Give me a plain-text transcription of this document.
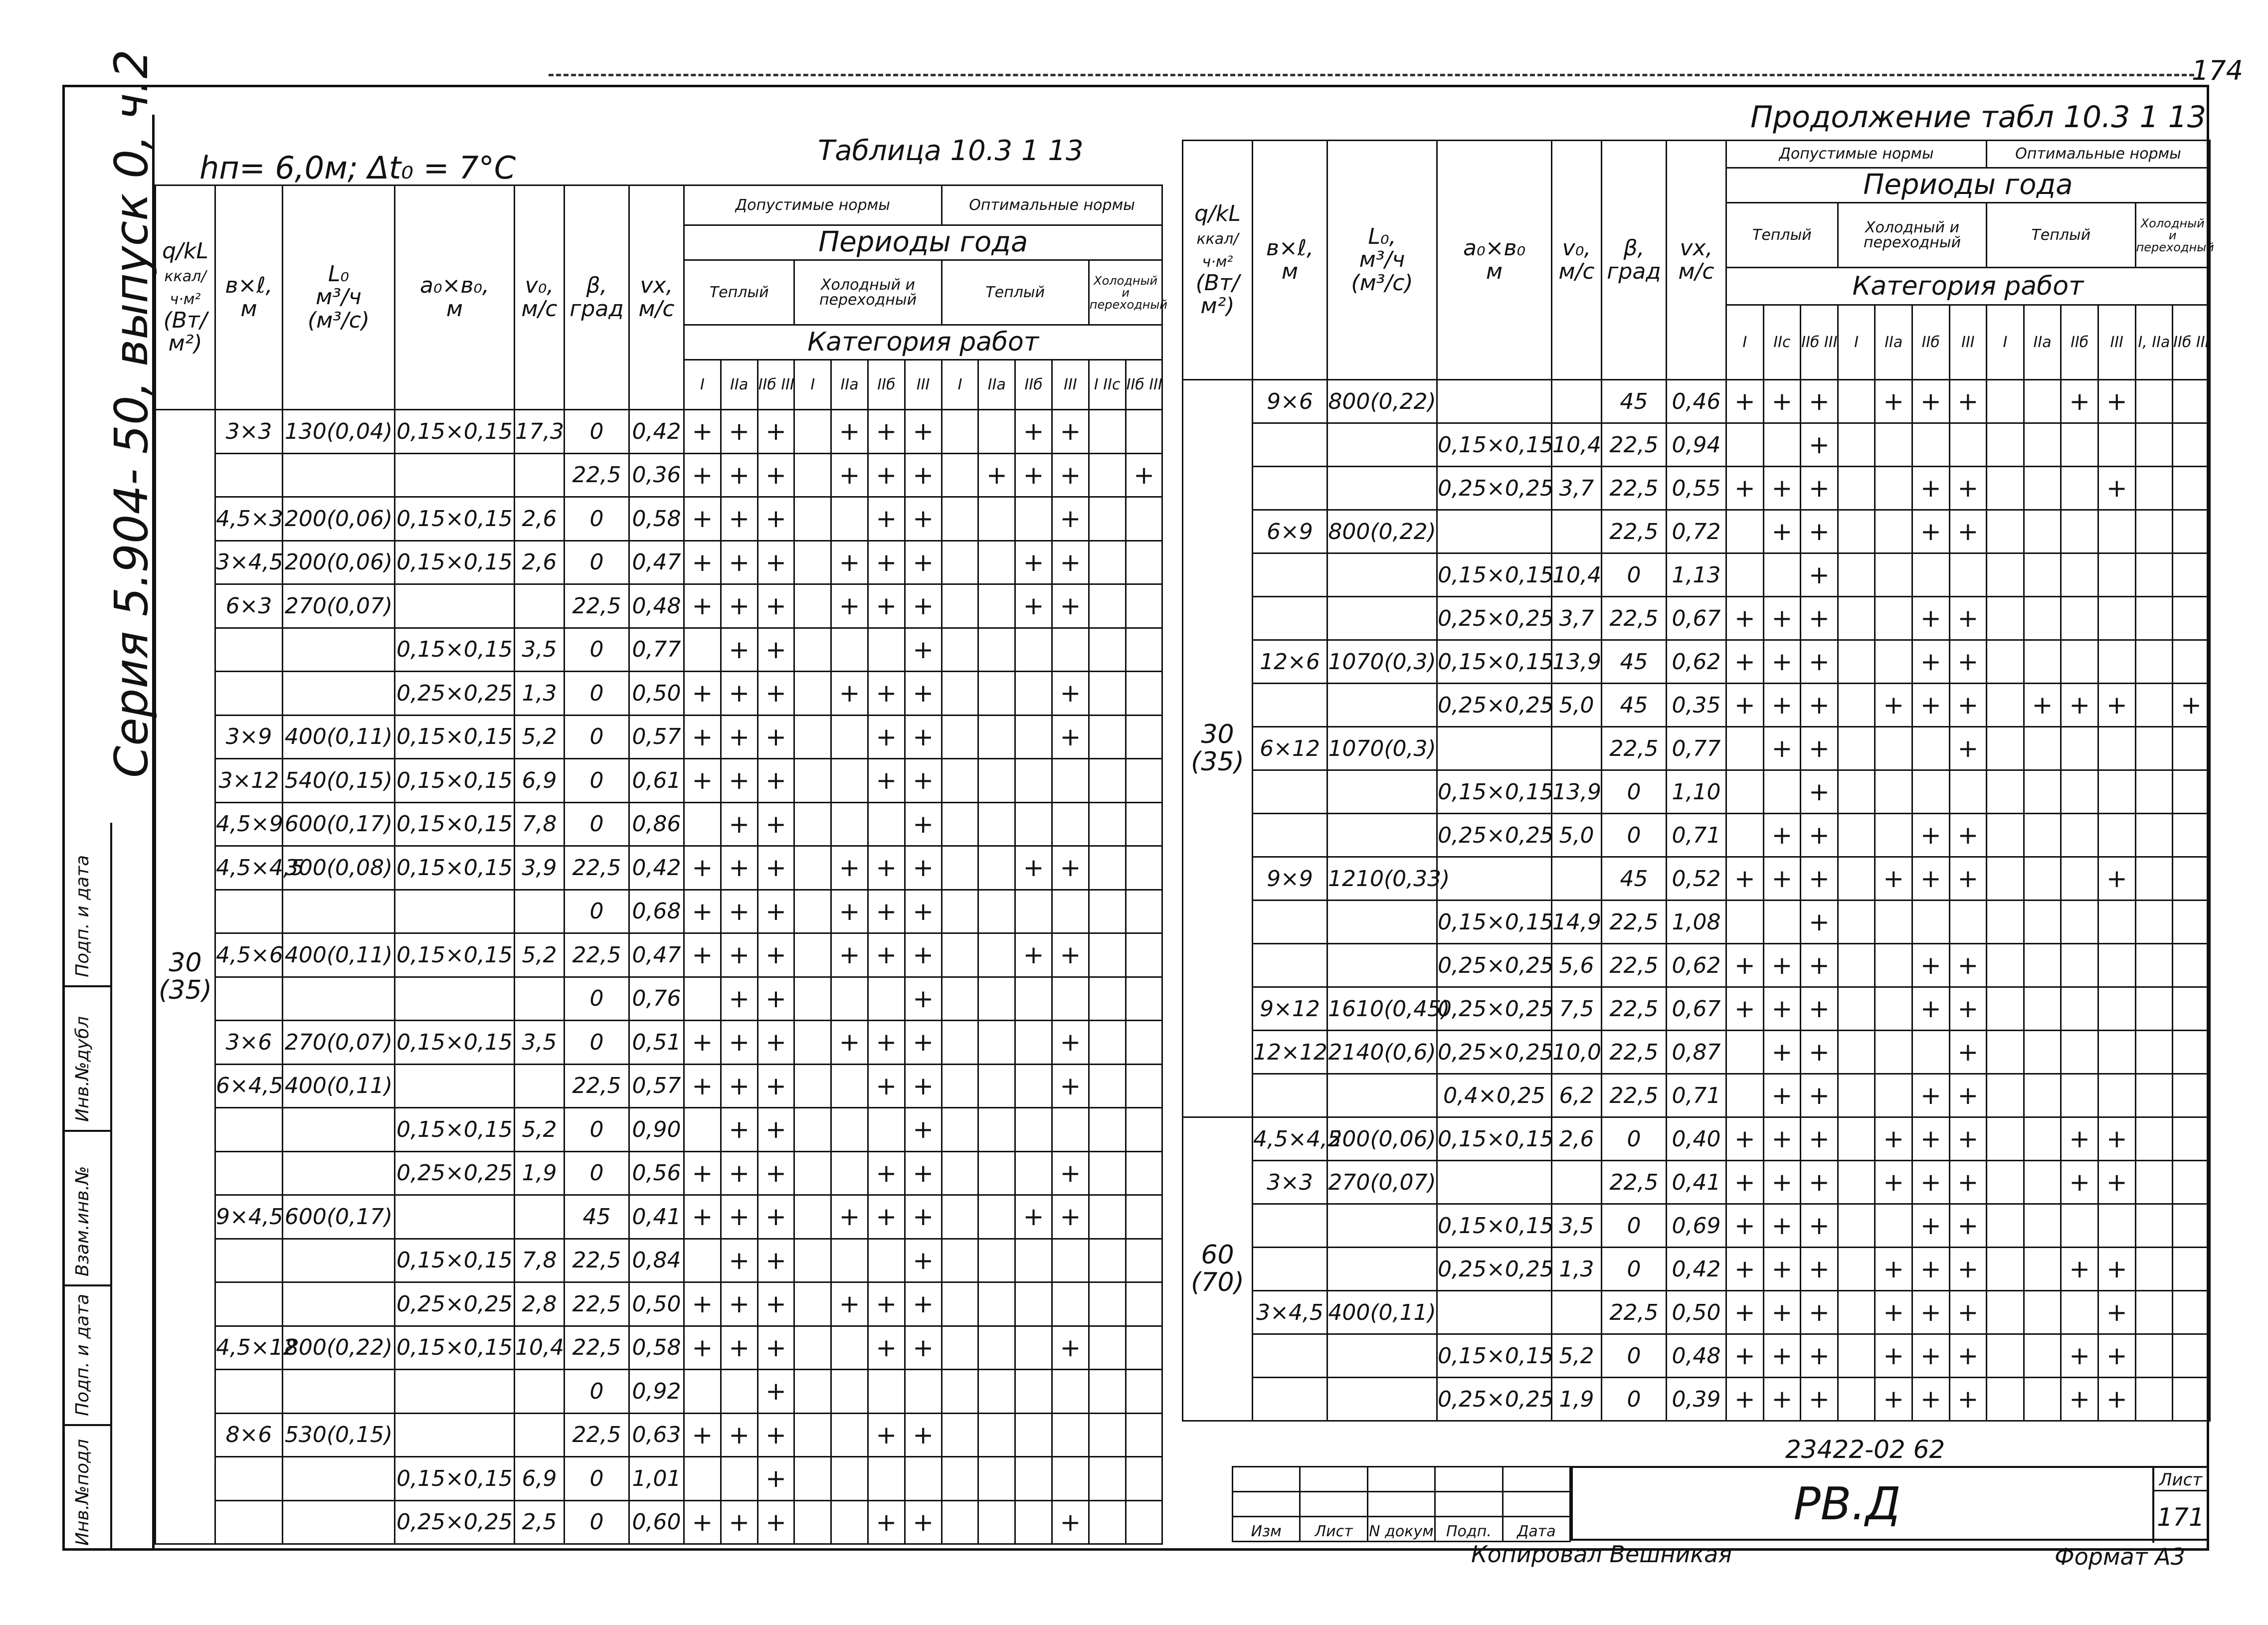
174
Серия 5.904- 50, выпуск 0, ч.2
Инв.№подл
Подп. и дата
Взам.инв.№
Инв.№дубл
Подп. и дата
hп= 6,0м; Δt₀ = 7°C	Таблица 10.3 1 13
q/kL
ккал/ч·м²
(Вт/м²)	в×ℓ,
м	L₀
м³/ч
(м³/с)	a₀×в₀,
м	v₀,
м/с	β,
град	vx,
м/с	Допустимые нормы							Оптимальные нормы					
							Периоды года												
							Теплый			Холодный и переходный				Теплый				Холодный и переходный	
							Категория работ												
							I	IIа	IIб III	I	IIа	IIб	III	I	IIа	IIб	III	I IIс	IIб III
30 (35)	3×3	130(0,04)	0,15×0,15	17,3	0	0,42	+	+	+		+	+	+			+	+		
					22,5	0,36	+	+	+		+	+	+		+	+	+		+
	4,5×3	200(0,06)	0,15×0,15	2,6	0	0,58	+	+	+			+	+				+		
	3×4,5	200(0,06)	0,15×0,15	2,6	0	0,47	+	+	+		+	+	+			+	+		
	6×3	270(0,07)			22,5	0,48	+	+	+		+	+	+			+	+		
			0,15×0,15	3,5	0	0,77		+	+				+						
			0,25×0,25	1,3	0	0,50	+	+	+		+	+	+				+		
	3×9	400(0,11)	0,15×0,15	5,2	0	0,57	+	+	+			+	+				+		
	3×12	540(0,15)	0,15×0,15	6,9	0	0,61	+	+	+			+	+						
	4,5×9	600(0,17)	0,15×0,15	7,8	0	0,86		+	+				+						
	4,5×4,5	300(0,08)	0,15×0,15	3,9	22,5	0,42	+	+	+		+	+	+			+	+		
					0	0,68	+	+	+		+	+	+						
	4,5×6	400(0,11)	0,15×0,15	5,2	22,5	0,47	+	+	+		+	+	+			+	+		
					0	0,76		+	+				+						
	3×6	270(0,07)	0,15×0,15	3,5	0	0,51	+	+	+		+	+	+				+		
	6×4,5	400(0,11)			22,5	0,57	+	+	+			+	+				+		
			0,15×0,15	5,2	0	0,90		+	+				+						
			0,25×0,25	1,9	0	0,56	+	+	+			+	+				+		
	9×4,5	600(0,17)			45	0,41	+	+	+		+	+	+			+	+		
			0,15×0,15	7,8	22,5	0,84		+	+				+						
			0,25×0,25	2,8	22,5	0,50	+	+	+		+	+	+						
	4,5×12	800(0,22)	0,15×0,15	10,4	22,5	0,58	+	+	+			+	+				+		
					0	0,92			+										
	8×6	530(0,15)			22,5	0,63	+	+	+			+	+						
			0,15×0,15	6,9	0	1,01			+										
			0,25×0,25	2,5	0	0,60	+	+	+			+	+				+		
Продолжение табл 10.3 1 13
q/kL
ккал/ч·м²
(Вт/м²)	в×ℓ,
м	L₀,
м³/ч
(м³/с)	a₀×в₀
м	v₀,
м/с	β,
град	vx,
м/с	Допустимые нормы							Оптимальные нормы					
							Периоды года												
							Теплый			Холодный и переходный				Теплый				Холодный и переходный	
							Категория работ												
							I	IIс	IIб III	I	IIа	IIб	III	I	IIа	IIб	III	I, IIа	IIб III
30 (35)	9×6	800(0,22)			45	0,46	+	+	+		+	+	+			+	+		
			0,15×0,15	10,4	22,5	0,94			+										
			0,25×0,25	3,7	22,5	0,55	+	+	+			+	+				+		
	6×9	800(0,22)			22,5	0,72		+	+			+	+						
			0,15×0,15	10,4	0	1,13			+										
			0,25×0,25	3,7	22,5	0,67	+	+	+			+	+						
	12×6	1070(0,3)	0,15×0,15	13,9	45	0,62	+	+	+			+	+						
			0,25×0,25	5,0	45	0,35	+	+	+		+	+	+		+	+	+		+
	6×12	1070(0,3)			22,5	0,77		+	+				+						
			0,15×0,15	13,9	0	1,10			+										
			0,25×0,25	5,0	0	0,71		+	+			+	+						
	9×9	1210(0,33)			45	0,52	+	+	+		+	+	+				+		
			0,15×0,15	14,9	22,5	1,08			+										
			0,25×0,25	5,6	22,5	0,62	+	+	+			+	+						
	9×12	1610(0,45)	0,25×0,25	7,5	22,5	0,67	+	+	+			+	+						
	12×12	2140(0,6)	0,25×0,25	10,0	22,5	0,87		+	+				+						
			0,4×0,25	6,2	22,5	0,71		+	+			+	+						
60 (70)	4,5×4,5	200(0,06)	0,15×0,15	2,6	0	0,40	+	+	+		+	+	+			+	+		
	3×3	270(0,07)			22,5	0,41	+	+	+		+	+	+			+	+		
			0,15×0,15	3,5	0	0,69	+	+	+			+	+						
			0,25×0,25	1,3	0	0,42	+	+	+		+	+	+			+	+		
	3×4,5	400(0,11)			22,5	0,50	+	+	+		+	+	+				+		
			0,15×0,15	5,2	0	0,48	+	+	+		+	+	+			+	+		
			0,25×0,25	1,9	0	0,39	+	+	+		+	+	+			+	+		
23422-02 62

Изм	Лист	N докум	Подп.	Дата
РВ.Д	Лист
171
Копировал Вешникая	Формат А3
